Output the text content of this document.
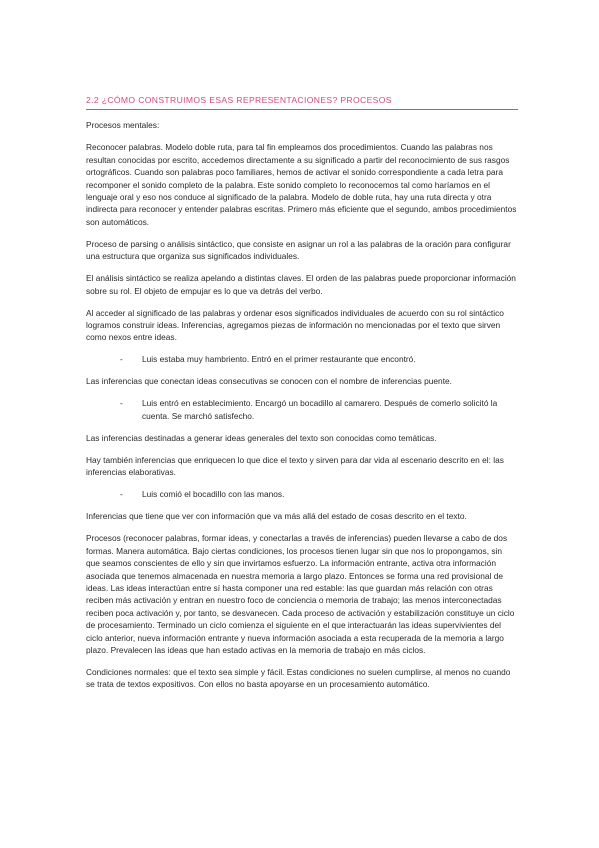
2.2 ¿CÓMO CONSTRUIMOS ESAS REPRESENTACIONES? PROCESOS

Procesos mentales:

Reconocer palabras. Modelo doble ruta, para tal fin empleamos dos procedimientos. Cuando las palabras nos resultan conocidas por escrito, accedemos directamente a su significado a partir del reconocimiento de sus rasgos ortográficos. Cuando son palabras poco familiares, hemos de activar el sonido correspondiente a cada letra para recomponer el sonido completo de la palabra. Este sonido completo lo reconocemos tal como haríamos en el lenguaje oral y eso nos conduce al significado de la palabra. Modelo de doble ruta, hay una ruta directa y otra indirecta para reconocer y entender palabras escritas. Primero más eficiente que el segundo, ambos procedimientos son automáticos.

Proceso de parsing o análisis sintáctico, que consiste en asignar un rol a las palabras de la oración para configurar una estructura que organiza sus significados individuales.

El análisis sintáctico se realiza apelando a distintas claves. El orden de las palabras puede proporcionar información sobre su rol. El objeto de empujar es lo que va detrás del verbo.

Al acceder al significado de las palabras y ordenar esos significados individuales de acuerdo con su rol sintáctico logramos construir ideas. Inferencias, agregamos piezas de información no mencionadas por el texto que sirven como nexos entre ideas.

-	Luis estaba muy hambriento. Entró en el primer restaurante que encontró.

Las inferencias que conectan ideas consecutivas se conocen con el nombre de inferencias puente.

-	Luis entró en establecimiento. Encargó un bocadillo al camarero. Después de comerlo solicitó la cuenta. Se marchó satisfecho.

Las inferencias destinadas a generar ideas generales del texto son conocidas como temáticas.

Hay también inferencias que enriquecen lo que dice el texto y sirven para dar vida al escenario descrito en el: las inferencias elaborativas.

-	Luis comió el bocadillo con las manos.

Inferencias que tiene que ver con información que va más allá del estado de cosas descrito en el texto.

Procesos (reconocer palabras, formar ideas, y conectarlas a través de inferencias) pueden llevarse a cabo de dos formas. Manera automática. Bajo ciertas condiciones, los procesos tienen lugar sin que nos lo propongamos, sin que seamos conscientes de ello y sin que invirtamos esfuerzo. La información entrante, activa otra información asociada que tenemos almacenada en nuestra memoria a largo plazo. Entonces se forma una red provisional de ideas. Las ideas interactúan entre sí hasta componer una red estable: las que guardan más relación con otras reciben más activación y entran en nuestro foco de conciencia o memoria de trabajo; las menos interconectadas reciben poca activación y, por tanto, se desvanecen. Cada proceso de activación y estabilización constituye un ciclo de procesamiento. Terminado un ciclo comienza el siguiente en el que interactuarán las ideas supervivientes del ciclo anterior, nueva información entrante y nueva información asociada a esta recuperada de la memoria a largo plazo. Prevalecen las ideas que han estado activas en la memoria de trabajo en más ciclos.

Condiciones normales: que el texto sea simple y fácil. Estas condiciones no suelen cumplirse, al menos no cuando se trata de textos expositivos. Con ellos no basta apoyarse en un procesamiento automático.
